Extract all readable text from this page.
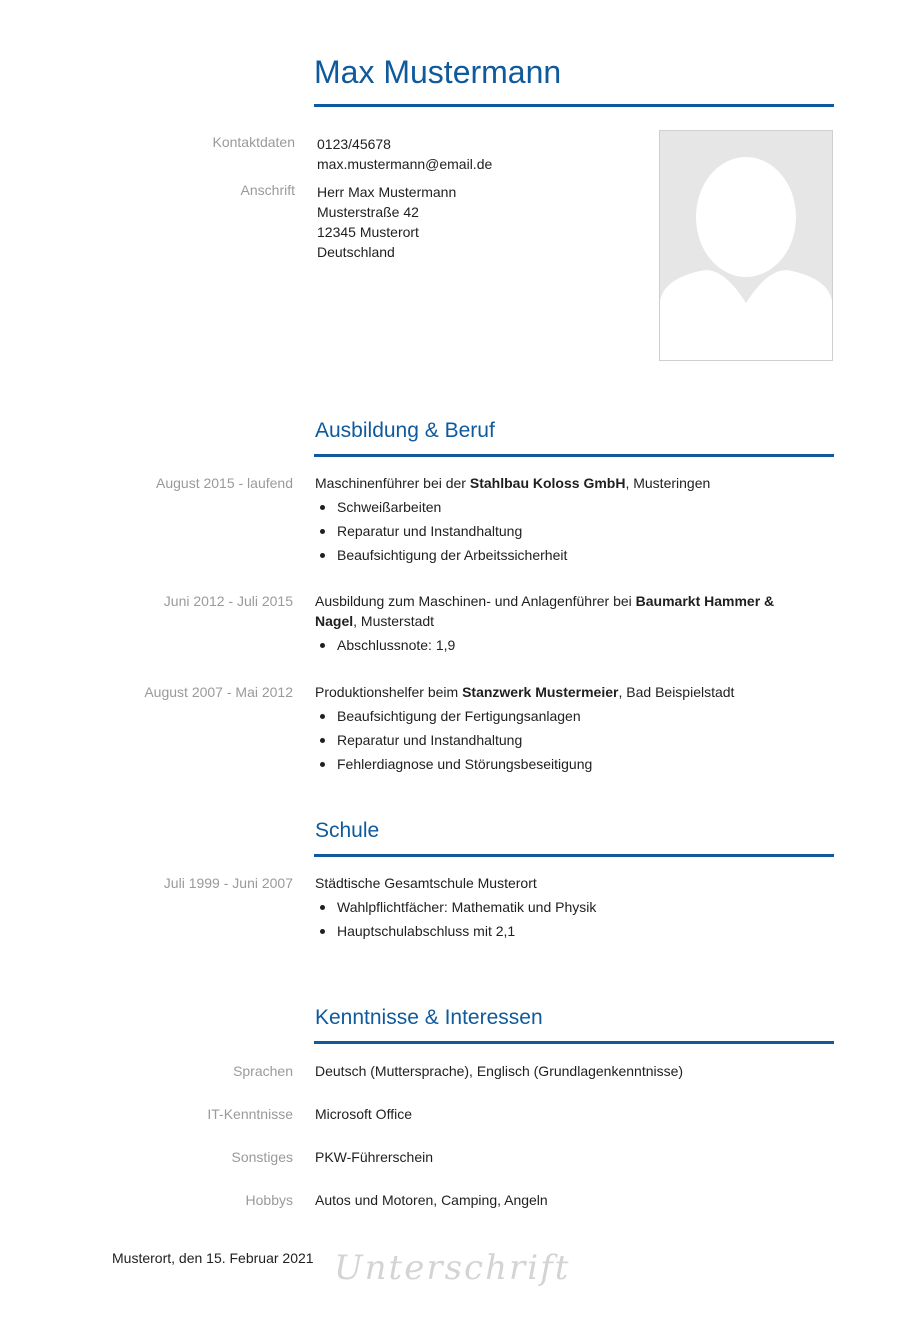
Max Mustermann
Kontaktdaten 0123/45678
max.mustermann@email.de
Anschrift Herr Max Mustermann
Musterstraße 42
12345 Musterort
Deutschland
Ausbildung & Beruf
August 2015 - laufend Maschinenführer bei der Stahlbau Koloss GmbH, Musteringen
Schweißarbeiten
Reparatur und Instandhaltung
Beaufsichtigung der Arbeitssicherheit
Juni 2012 - Juli 2015 Ausbildung zum Maschinen- und Anlagenführer bei Baumarkt Hammer &
Nagel, Musterstadt
Abschlussnote: 1,9
August 2007 - Mai 2012 Produktionshelfer beim Stanzwerk Mustermeier, Bad Beispielstadt
Beaufsichtigung der Fertigungsanlagen
Reparatur und Instandhaltung
Fehlerdiagnose und Störungsbeseitigung
Schule
Juli 1999 - Juni 2007 Städtische Gesamtschule Musterort
Wahlpflichtfächer: Mathematik und Physik
Hauptschulabschluss mit 2,1
Kenntnisse & Interessen
Sprachen Deutsch (Muttersprache), Englisch (Grundlagenkenntnisse)
IT-Kenntnisse Microsoft Office
Sonstiges PKW-Führerschein
Hobbys Autos und Motoren, Camping, Angeln
Musterort, den 15. Februar 2021 Unterschrift
